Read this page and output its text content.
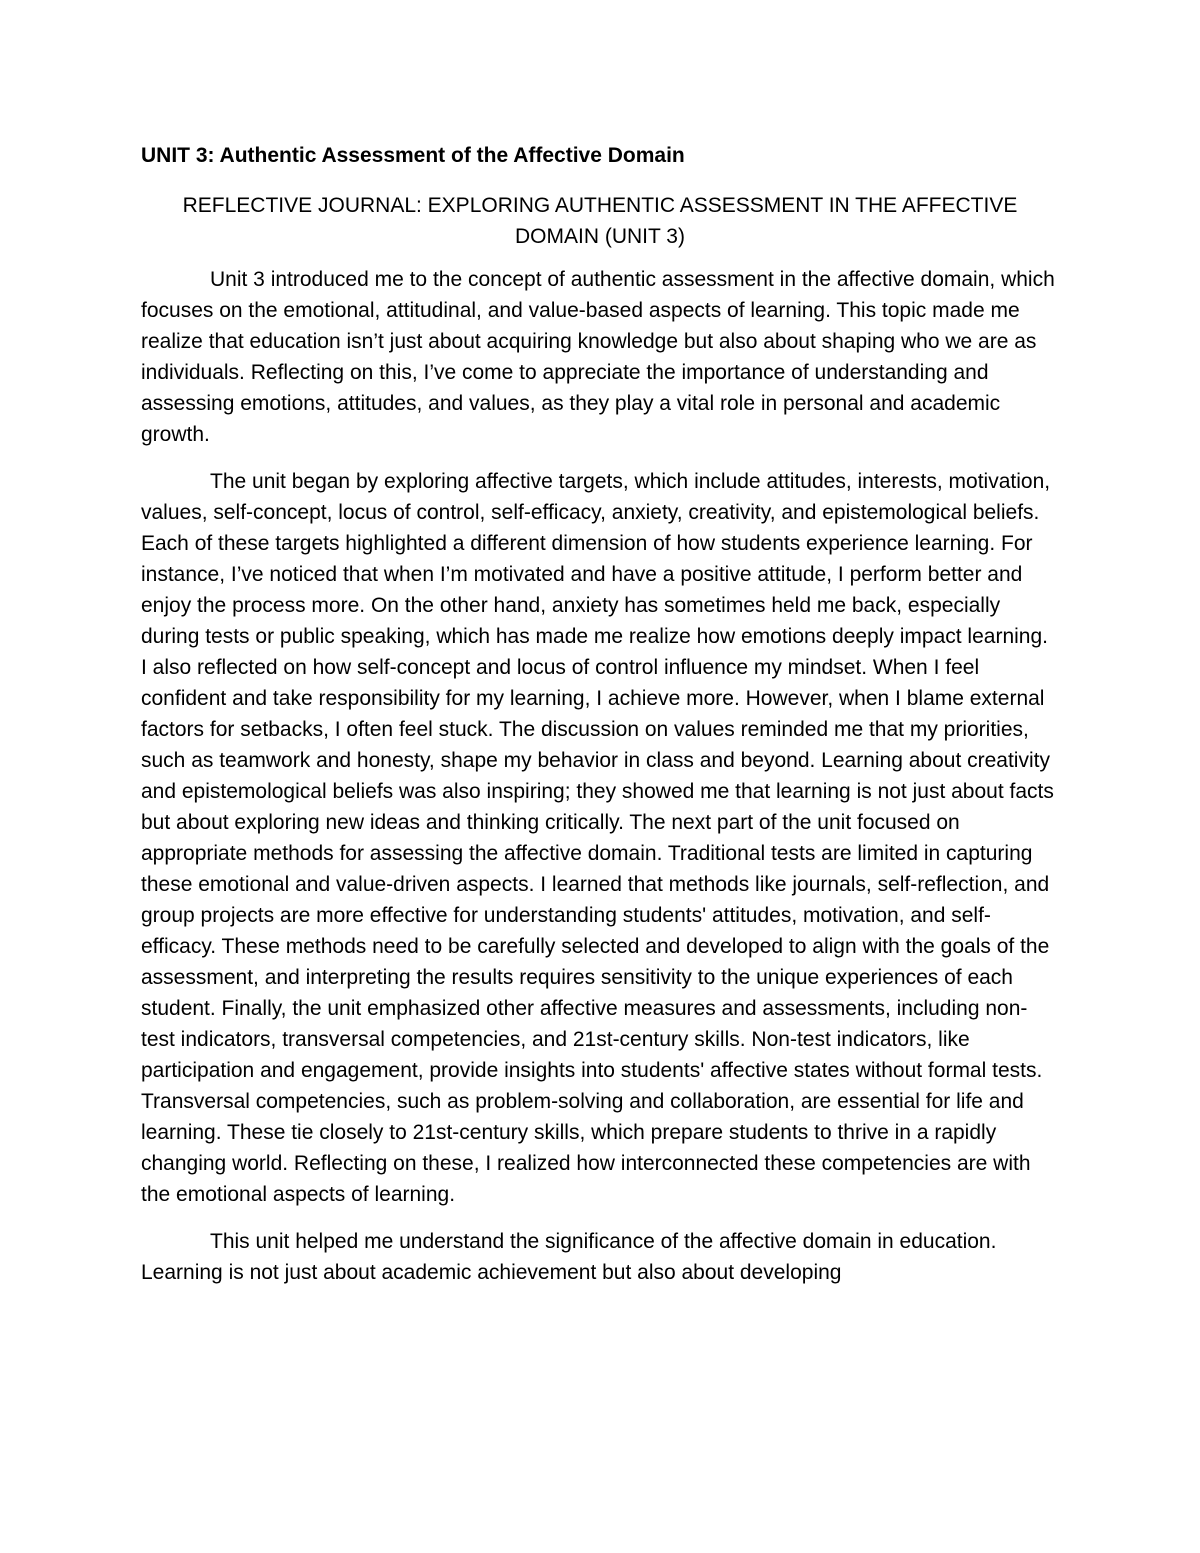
UNIT 3: Authentic Assessment of the Affective Domain
REFLECTIVE JOURNAL: EXPLORING AUTHENTIC ASSESSMENT IN THE AFFECTIVE DOMAIN (UNIT 3)

Unit 3 introduced me to the concept of authentic assessment in the affective domain, which focuses on the emotional, attitudinal, and value-based aspects of learning. This topic made me realize that education isn’t just about acquiring knowledge but also about shaping who we are as individuals. Reflecting on this, I’ve come to appreciate the importance of understanding and assessing emotions, attitudes, and values, as they play a vital role in personal and academic growth.

The unit began by exploring affective targets, which include attitudes, interests, motivation, values, self-concept, locus of control, self-efficacy, anxiety, creativity, and epistemological beliefs. Each of these targets highlighted a different dimension of how students experience learning. For instance, I’ve noticed that when I’m motivated and have a positive attitude, I perform better and enjoy the process more. On the other hand, anxiety has sometimes held me back, especially during tests or public speaking, which has made me realize how emotions deeply impact learning. I also reflected on how self-concept and locus of control influence my mindset. When I feel confident and take responsibility for my learning, I achieve more. However, when I blame external factors for setbacks, I often feel stuck. The discussion on values reminded me that my priorities, such as teamwork and honesty, shape my behavior in class and beyond. Learning about creativity and epistemological beliefs was also inspiring; they showed me that learning is not just about facts but about exploring new ideas and thinking critically. The next part of the unit focused on appropriate methods for assessing the affective domain. Traditional tests are limited in capturing these emotional and value-driven aspects. I learned that methods like journals, self-reflection, and group projects are more effective for understanding students' attitudes, motivation, and self-efficacy. These methods need to be carefully selected and developed to align with the goals of the assessment, and interpreting the results requires sensitivity to the unique experiences of each student. Finally, the unit emphasized other affective measures and assessments, including non-test indicators, transversal competencies, and 21st-century skills. Non-test indicators, like participation and engagement, provide insights into students' affective states without formal tests. Transversal competencies, such as problem-solving and collaboration, are essential for life and learning. These tie closely to 21st-century skills, which prepare students to thrive in a rapidly changing world. Reflecting on these, I realized how interconnected these competencies are with the emotional aspects of learning.

This unit helped me understand the significance of the affective domain in education. Learning is not just about academic achievement but also about developing
